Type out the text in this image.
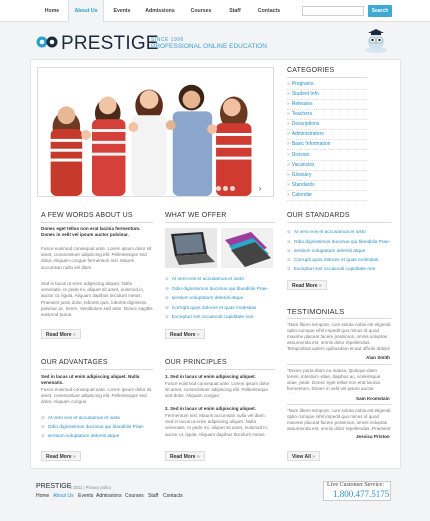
Home	About Us	Events	Admissions	Courses	Staff	Contacts	Search
PRESTIGE
SINCE 1996
PROFESSIONAL ONLINE EDUCATION
›
CATEGORIES
» Programs
» Student Info
» Releases
» Teachers
» Descriptions
» Administrators
» Basic Information
» Division
» Vacancies
» Glossary
» Standards
» Calendar
A FEW WORDS ABOUT US
Donec eget tellus non erat lacinia fermentum. Donec in velit vel ipsum auctor pulvinar.
Fusce euismod consequat ante. Lorem ipsum dolor sit amet, consectetuer adipiscing elit. Pellentesque sed dolor. Aliquam congue fermentum nisl. Mauris accumsan nulla vel diam.
Sed in lacus ut enim adipiscing aliquet. Nulla venenatis. In pede mi, aliquet sit amet, euismod in, auctor ut, ligula. Aliquam dapibus tincidunt metus. Praesent justo dolor, lobortis quis, lobortis dignissim, pulvinar ac, lorem. Vestibulum sed ante. Donec sagittis euismod purus.
Read More »
WHAT WE OFFER
⊚ At vero eos et accusamus et iusto
⊚ Odio dignissimos ducimus qui blanditiis Prae-
⊚ sentium voluptatum deleniti atque
⊚ Corrupti quos dolores et quas molestias
⊚ Excepturi sint occaecati cupiditate non
Read More »
OUR STANDARDS
⊚ At vero eos et accusamus et iusto
⊚ Odio dignissimos ducimus qui blanditiis Prae-
⊚ sentium voluptatum deleniti atque
⊚ Corrupti quos dolores et quas molestias
⊚ Excepturi sint occaecati cupiditate non
Read More »
TESTIMONIALS
"Nam libero tempore, cum soluta nobis est eligendi optio cumque nihil impedit quo minus id quod maxime placeat facere possimus, omnis voluptas assumenda est, omnis dolor repellendus. Temporibus autem quibusdam et aut officiis debitis
Alan Smith
"Donec porta diam eu massa. Quisque diam lorem, interdum vitae, dapibus ac, scelerisque vitae, pede. Donec eget tellus non erat lacinia fermentum. Donec in velit vel ipsum auctor
Sam Kromstain
"Nam libero tempore, cum soluta nobis est eligendi optio cumque nihil impedit quo minus id quod maxime placeat facere possimus, omnis voluptas assumenda est, omnis dolor repellendus. Praesent
Jessica Priston
View All »
OUR ADVANTAGES
Sed in lacus ut enim adipiscing aliquet. Nulla venenatis.
Fusce euismod consequat ante. Lorem ipsum dolor sit amet, consectetuer adipiscing elit. Pellentesque sed dolor. Aliquam congue.
⊚ At vero eos et accusamus et iusto
⊚ Odio dignissimos ducimus qui blanditiis Prae-
⊚ sentium voluptatum deleniti atque
Read More »
OUR PRINCIPLES
1. Sed in lacus ut enim adipiscing aliquet.
Fusce euismod consequat ante. Lorem ipsum dolor sit amet, consectetuer adipiscing elit. Pellentesque sed dolor. Aliquam congue.
2. Sed in lacus ut enim adipiscing aliquet.
Fermentum nisl. Mauris accumsan nulla vel diam. Sed in lacus ut enim adipiscing aliquet. Nulla venenatis. In pede mi, aliquet sit amet, euismod in, auctor ut, ligula. Aliquam dapibus tincidunt metus.
Read More »
PRESTIGE
© 2011 | Privacy policy
Home About Us Events Admissions Courses Staff Contacts
Live Customer Service:
1.800.477.5175
